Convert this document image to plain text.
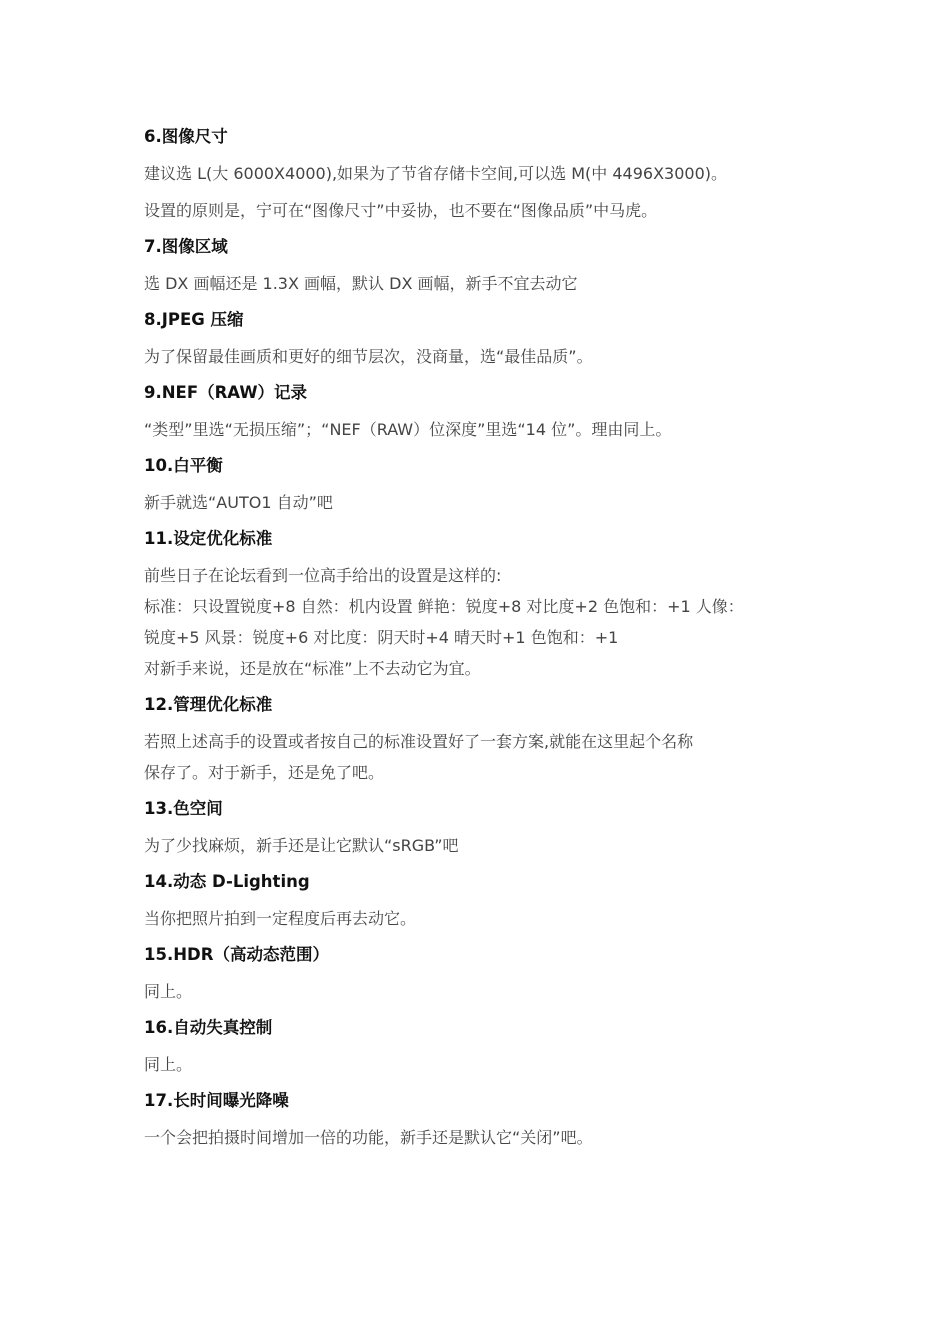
6.图像尺寸
建议选 L(大 6000X4000),如果为了节省存储卡空间,可以选 M(中 4496X3000)。
设置的原则是，宁可在“图像尺寸”中妥协，也不要在“图像品质”中马虎。
7.图像区域
选 DX 画幅还是 1.3X 画幅，默认 DX 画幅，新手不宜去动它
8.JPEG 压缩
为了保留最佳画质和更好的细节层次，没商量，选“最佳品质”。
9.NEF（RAW）记录
“类型”里选“无损压缩”；“NEF（RAW）位深度”里选“14 位”。理由同上。
10.白平衡
新手就选“AUTO1 自动”吧
11.设定优化标准
前些日子在论坛看到一位高手给出的设置是这样的:
标准：只设置锐度+8 自然：机内设置 鲜艳：锐度+8 对比度+2 色饱和：+1 人像：
锐度+5 风景：锐度+6 对比度：阴天时+4 晴天时+1 色饱和：+1
对新手来说，还是放在“标准”上不去动它为宜。
12.管理优化标准
若照上述高手的设置或者按自己的标准设置好了一套方案,就能在这里起个名称
保存了。对于新手，还是免了吧。
13.色空间
为了少找麻烦，新手还是让它默认“sRGB”吧
14.动态 D-Lighting
当你把照片拍到一定程度后再去动它。
15.HDR（高动态范围）
同上。
16.自动失真控制
同上。
17.长时间曝光降噪
一个会把拍摄时间增加一倍的功能，新手还是默认它“关闭”吧。
